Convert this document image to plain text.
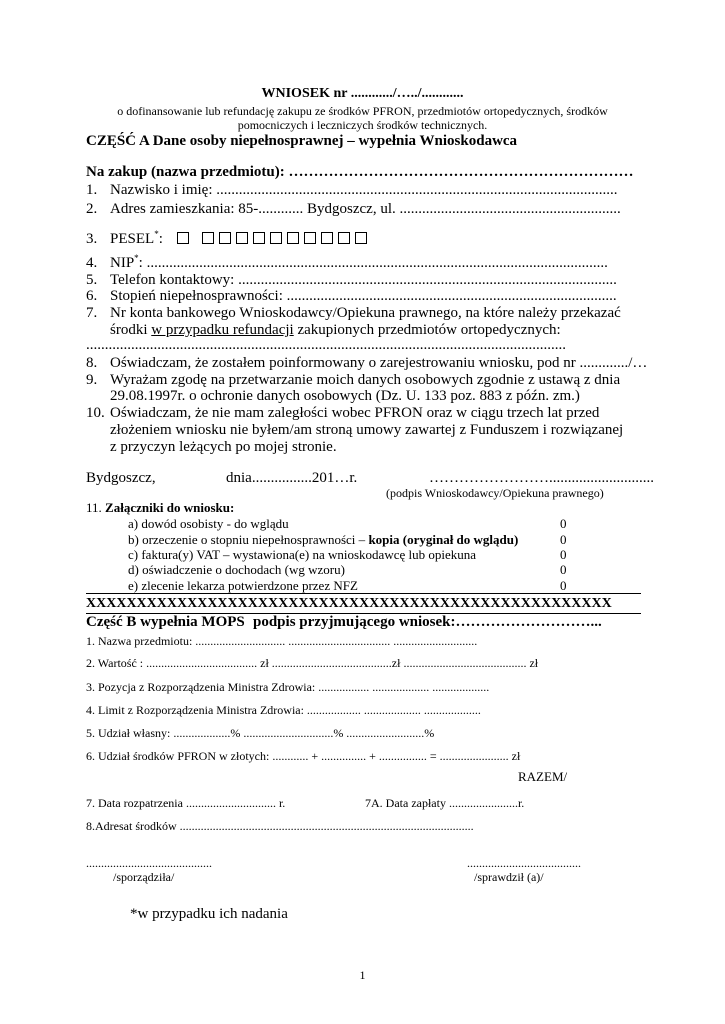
WNIOSEK nr ............/…../............
o dofinansowanie lub refundację zakupu ze środków PFRON, przedmiotów ortopedycznych, środków
pomocniczych i leczniczych środków technicznych.
CZĘŚĆ A Dane osoby niepełnosprawnej – wypełnia Wnioskodawca
Na zakup (nazwa przedmiotu): ……………………………………………………………
1. Nazwisko i imię: ...........................................................................................................
2. Adres zamieszkania: 85-............ Bydgoszcz, ul. ...........................................................
3. PESEL*:
4. NIP*: ...........................................................................................................................
5. Telefon kontaktowy: .....................................................................................................
6. Stopień niepełnosprawności: ........................................................................................
7. Nr konta bankowego Wnioskodawcy/Opiekuna prawnego, na które należy przekazać
środki w przypadku refundacji zakupionych przedmiotów ortopedycznych:
................................................................................................................................
8. Oświadczam, że zostałem poinformowany o zarejestrowaniu wniosku, pod nr ............./…
9. Wyrażam zgodę na przetwarzanie moich danych osobowych zgodnie z ustawą z dnia
29.08.1997r. o ochronie danych osobowych (Dz. U. 133 poz. 883 z późn. zm.)
10. Oświadczam, że nie mam zaległości wobec PFRON oraz w ciągu trzech lat przed
złożeniem wniosku nie byłem/am stroną umowy zawartej z Funduszem i rozwiązanej
z przyczyn leżących po mojej stronie.
Bydgoszcz,	dnia................201…r.	……………………............................
(podpis Wnioskodawcy/Opiekuna prawnego)
11. Załączniki do wniosku:
a) dowód osobisty - do wglądu	0
b) orzeczenie o stopniu niepełnosprawności – kopia (oryginał do wglądu)	0
c) faktura(y) VAT – wystawiona(e) na wnioskodawcę lub opiekuna	0
d) oświadczenie o dochodach (wg wzoru)	0
e) zlecenie lekarza potwierdzone przez NFZ	0
XXXXXXXXXXXXXXXXXXXXXXXXXXXXXXXXXXXXXXXXXXXXXXXXXXXX
Część B wypełnia MOPS podpis przyjmującego wniosek:………………………...
1. Nazwa przedmiotu: .............................. .................................. ............................
2. Wartość : ..................................... zł ........................................zł ......................................... zł
3. Pozycja z Rozporządzenia Ministra Zdrowia: ................. ................... ...................
4. Limit z Rozporządzenia Ministra Zdrowia: .................. ................... ...................
5. Udział własny: ...................% ..............................% ..........................%
6. Udział środków PFRON w złotych: ............ + ............... + ................ = ....................... zł
RAZEM/
7. Data rozpatrzenia .............................. r.	7A. Data zapłaty .......................r.
8.Adresat środków ..................................................................................................
..........................................
/sporządziła/
......................................
/sprawdził (a)/
*w przypadku ich nadania
1
